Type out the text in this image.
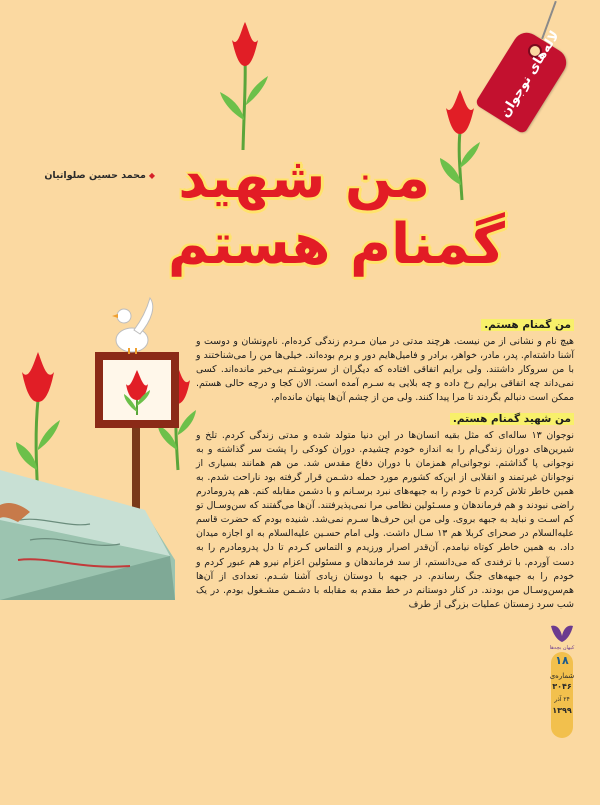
لاله‌های نوجوان
◆محمد حسین صلواتیان من شهید
گمنام هستم
من گمنام هستم.

هیچ نام و نشانی از من نیست. هرچند مدتی در میان مـردم زندگی کرده‌ام. نام‌ونشان و دوست و آشنا داشته‌ام. پدر، مادر، خواهر، برادر و فامیل‌هایم دور و برم بوده‌اند. خیلی‌ها من را می‌شناختند و با من سروکار داشتند. ولی برایم اتفاقی افتاده که دیگران از سرنوشـتم بی‌خبر مانده‌اند. کسی نمی‌داند چه اتفاقی برایم رخ داده و چه بلایی به سـرم آمده است. الان کجا و درچه حالی هستم. ممکن است دنبالم بگردند تا مرا پیدا کنند. ولی من از چشم آن‌ها پنهان مانده‌ام.

من شهید گمنام هستم.

نوجوان ۱۳ ساله‌ای که مثل بقیه انسان‌ها در این دنیا متولد شده و مدتی زندگی کردم. تلخ و شیرین‌های دوران زندگی‌ام را به اندازه خودم چشیدم. دوران کودکی را پشت سر گذاشته و به نوجوانی پا گذاشتم. نوجوانی‌ام همزمان با دوران دفاع مقدس شد. من هم همانند بسیاری از نوجوانان غیرتمند و انقلابی از این‌که کشورم مورد حمله دشـمن قرار گرفته بود ناراحت شدم. به همین خاطر تلاش کردم تا خودم را به جبهه‌های نبرد برسـانم و با دشمن مقابله کنم. هم پدرومادرم راضی نبودند و هم فرماندهان و مسـئولین نظامی مرا نمی‌پذیرفتند. آن‌ها می‌گفتند که سن‌وسـال تو کم اسـت و نباید به جبهه بروی. ولی من این حرف‌ها سـرم نمی‌شد. شنیده بودم که حضرت قاسم علیه‌السلام در صحرای کربلا هم ۱۳ سـال داشت. ولی امام حسـین علیه‌السلام به او اجازه میدان داد. به همین خاطر کوتاه نیامدم. آن‌قدر اصرار ورزیدم و التماس کـردم تا دل پدرومادرم را به دست آوردم. با ترفندی که می‌دانستم، از سد فرماندهان و مسئولین اعزام نیرو هم عبور کردم و خودم را به جبهه‌های جنگ رساندم. در جبهه با دوستان زیادی آشنا شـدم. تعدادی از آن‌ها هم‌سن‌وسـال من بودند. در کنار دوستانم در خط مقدم به مقابله با دشـمن مشـغول بودم. در یک شب سرد زمستان عملیات بزرگی از طرف

کیهان بچه‌ها
۱۸
شماره‌ی
۳۰۴۶
۲۴ آذر
۱۳۹۹
